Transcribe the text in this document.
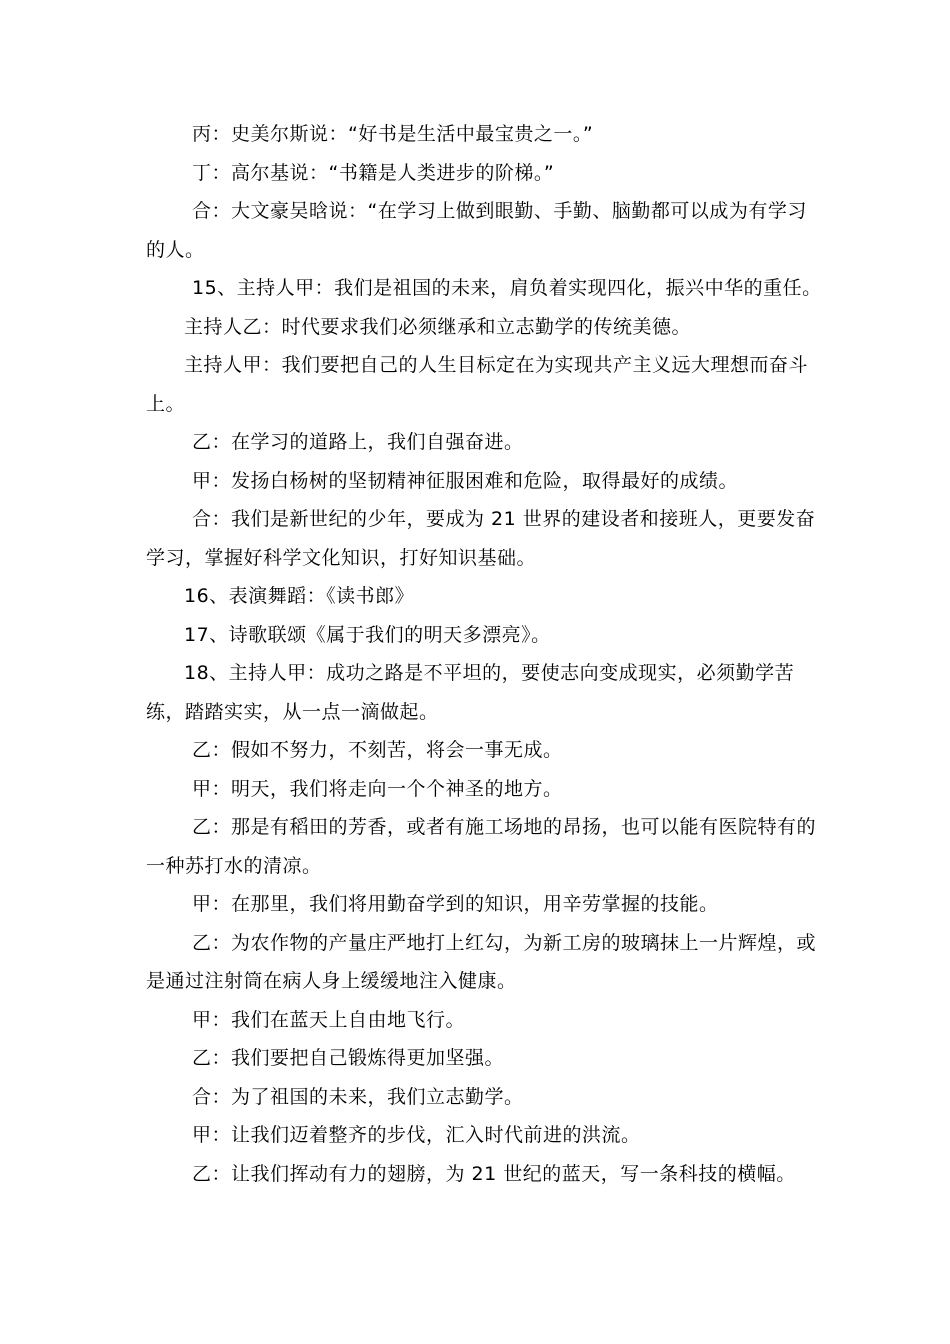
丙：史美尔斯说：“好书是生活中最宝贵之一。”

丁：高尔基说：“书籍是人类进步的阶梯。”

合：大文豪吴晗说：“在学习上做到眼勤、手勤、脑勤都可以成为有学习的人。

15、主持人甲：我们是祖国的未来，肩负着实现四化，振兴中华的重任。

主持人乙：时代要求我们必须继承和立志勤学的传统美德。

主持人甲：我们要把自己的人生目标定在为实现共产主义远大理想而奋斗上。

乙：在学习的道路上，我们自强奋进。

甲：发扬白杨树的坚韧精神征服困难和危险，取得最好的成绩。

合：我们是新世纪的少年，要成为 21 世界的建设者和接班人，更要发奋学习，掌握好科学文化知识，打好知识基础。

16、表演舞蹈：《读书郎》

17、诗歌联颂《属于我们的明天多漂亮》。

18、主持人甲：成功之路是不平坦的，要使志向变成现实，必须勤学苦练，踏踏实实，从一点一滴做起。

乙：假如不努力，不刻苦，将会一事无成。

甲：明天，我们将走向一个个神圣的地方。

乙：那是有稻田的芳香，或者有施工场地的昂扬，也可以能有医院特有的一种苏打水的清凉。

甲：在那里，我们将用勤奋学到的知识，用辛劳掌握的技能。

乙：为农作物的产量庄严地打上红勾，为新工房的玻璃抹上一片辉煌，或是通过注射筒在病人身上缓缓地注入健康。

甲：我们在蓝天上自由地飞行。

乙：我们要把自己锻炼得更加坚强。

合：为了祖国的未来，我们立志勤学。

甲：让我们迈着整齐的步伐，汇入时代前进的洪流。

乙：让我们挥动有力的翅膀，为 21 世纪的蓝天，写一条科技的横幅。
